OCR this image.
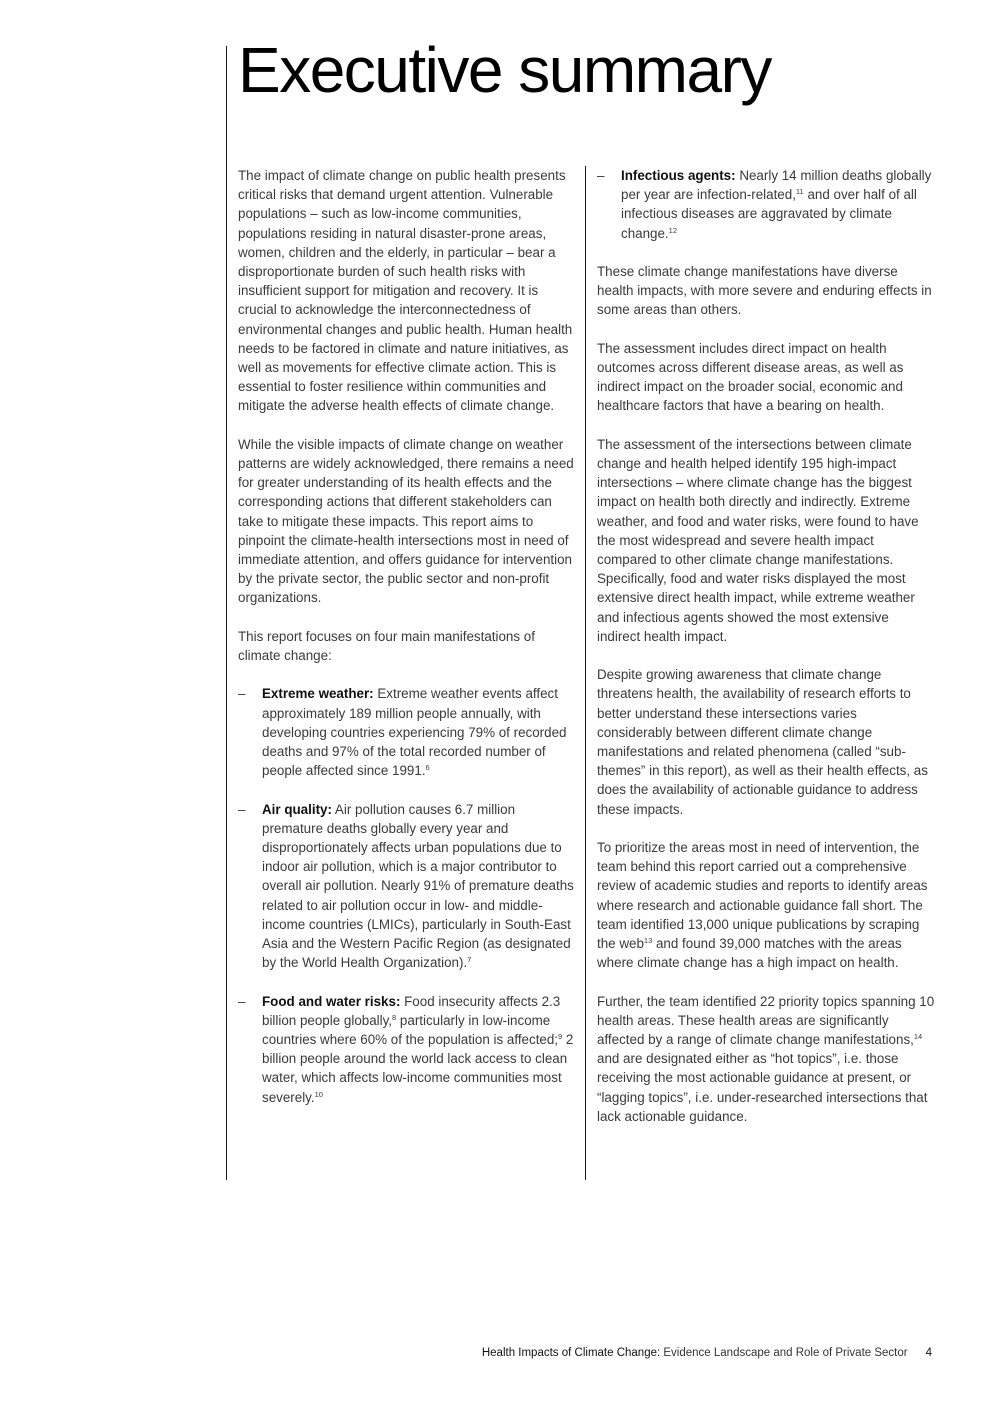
Executive summary

The impact of climate change on public health presents critical risks that demand urgent attention. Vulnerable populations – such as low-income communities, populations residing in natural disaster-prone areas, women, children and the elderly, in particular – bear a disproportionate burden of such health risks with insufficient support for mitigation and recovery. It is crucial to acknowledge the interconnectedness of environmental changes and public health. Human health needs to be factored in climate and nature initiatives, as well as movements for effective climate action. This is essential to foster resilience within communities and mitigate the adverse health effects of climate change.

While the visible impacts of climate change on weather patterns are widely acknowledged, there remains a need for greater understanding of its health effects and the corresponding actions that different stakeholders can take to mitigate these impacts. This report aims to pinpoint the climate-health intersections most in need of immediate attention, and offers guidance for intervention by the private sector, the public sector and non-profit organizations.

This report focuses on four main manifestations of climate change:

– Extreme weather: Extreme weather events affect approximately 189 million people annually, with developing countries experiencing 79% of recorded deaths and 97% of the total recorded number of people affected since 1991.$^6$
– Air quality: Air pollution causes 6.7 million premature deaths globally every year and disproportionately affects urban populations due to indoor air pollution, which is a major contributor to overall air pollution. Nearly 91% of premature deaths related to air pollution occur in low- and middle-income countries (LMICs), particularly in South-East Asia and the Western Pacific Region (as designated by the World Health Organization).$^7$
– Food and water risks: Food insecurity affects 2.3 billion people globally,$^8$ particularly in low-income countries where 60% of the population is affected;$^9$ 2 billion people around the world lack access to clean water, which affects low-income communities most severely.$^{10}$
– Infectious agents: Nearly 14 million deaths globally per year are infection-related,$^{11}$ and over half of all infectious diseases are aggravated by climate change.$^{12}$

These climate change manifestations have diverse health impacts, with more severe and enduring effects in some areas than others.

The assessment includes direct impact on health outcomes across different disease areas, as well as indirect impact on the broader social, economic and healthcare factors that have a bearing on health.

The assessment of the intersections between climate change and health helped identify 195 high-impact intersections – where climate change has the biggest impact on health both directly and indirectly. Extreme weather, and food and water risks, were found to have the most widespread and severe health impact compared to other climate change manifestations. Specifically, food and water risks displayed the most extensive direct health impact, while extreme weather and infectious agents showed the most extensive indirect health impact.

Despite growing awareness that climate change threatens health, the availability of research efforts to better understand these intersections varies considerably between different climate change manifestations and related phenomena (called “sub-themes” in this report), as well as their health effects, as does the availability of actionable guidance to address these impacts.

To prioritize the areas most in need of intervention, the team behind this report carried out a comprehensive review of academic studies and reports to identify areas where research and actionable guidance fall short. The team identified 13,000 unique publications by scraping the web$^{13}$ and found 39,000 matches with the areas where climate change has a high impact on health.

Further, the team identified 22 priority topics spanning 10 health areas. These health areas are significantly affected by a range of climate change manifestations,$^{14}$ and are designated either as “hot topics”, i.e. those receiving the most actionable guidance at present, or “lagging topics”, i.e. under-researched intersections that lack actionable guidance.

Health Impacts of Climate Change: Evidence Landscape and Role of Private Sector 4
